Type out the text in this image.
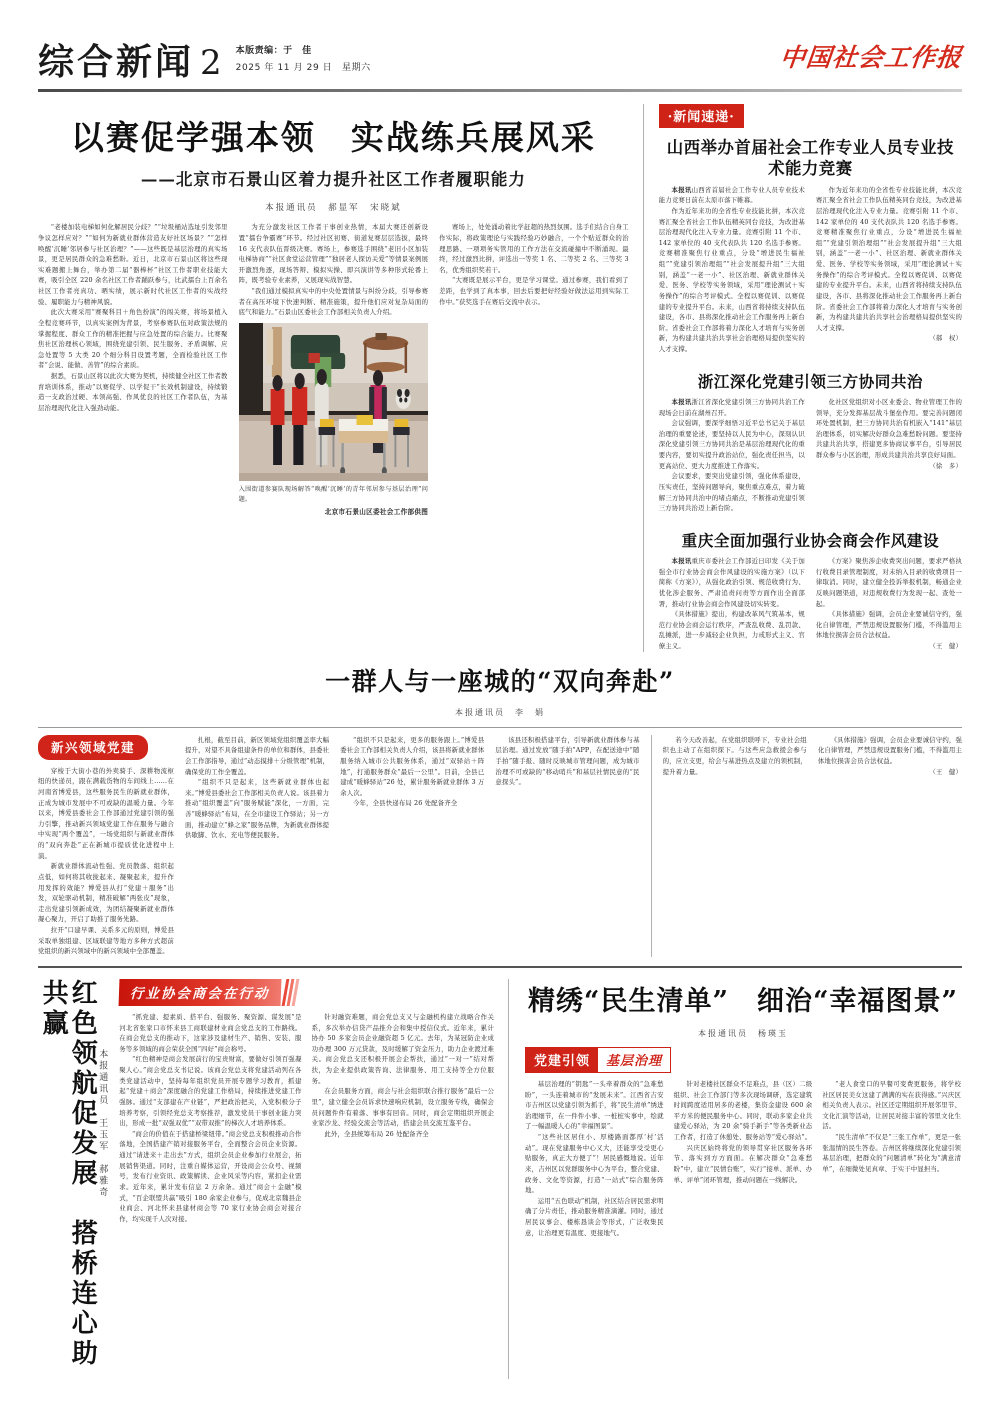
综合新闻 2 本版责编：于　佳
2025 年 11 月 29 日　星期六	中国社会工作报
以赛促学强本领　实战练兵展风采
——北京市石景山区着力提升社区工作者履职能力
本报通讯员　郝显军　宋晓斌

“老楼加装电梯如何化解居民分歧？”“垃圾桶站选址引发邻里争议怎样应对？”“如何为新就业群体营造友好社区场景？”“怎样唤醒‘沉睡’邻居参与社区治理？”——这些既是基层治理的真实场景，更是居民群众的急难愁盼。近日，北京市石景山区将这些现实难题搬上舞台，举办第二届“器棒杯”社区工作者职业技能大赛，吸引全区 220 余名社区工作者踊跃参与，比武擂台上百余名社区工作者亮真功、晒实绩，展示新时代社区工作者的实战经验、履职能力与精神风貌。

此次大赛采用“赛聚科目＋角色扮演”的闯关赛，将场景植入全程竞赛环节，以真实案例为背景，考察参赛队伍对政策法规的掌握程度、群众工作的精准把握与应急处置的综合能力。比赛聚焦社区治理核心领域，围绕党建引领、民生服务、矛盾调解、应急处置等 5 大类 20 个细分科目设置考题，全面检验社区工作者“会说、能做、善管”的综合素质。

据悉，石景山区将以此次大赛为契机，持续健全社区工作者教育培训体系，推动“以赛促学、以学促干”长效机制建设，持续锻造一支政治过硬、本领高强、作风优良的社区工作者队伍，为基层治理现代化注入强劲动能。

为充分激发社区工作者干事创业热情，本届大赛还创新设置“擂台争霸赛”环节。经过社区初赛、街道复赛层层选拔，最终 16 支代表队伍晋级决赛。赛场上，参赛选手围绕“老旧小区加装电梯协商”“社区食堂运营管理”“独居老人探访关爱”等情景案例展开激烈角逐，现场答辩、模拟实操、即兴演讲等多种形式轮番上阵，既考验专业素养，又展现实战智慧。

“我们通过模拟真实中的中央处置情景与纠纷分歧，引导参赛者在高压环境下快速判断、精准施策，提升他们应对复杂局面的底气和能力。”石景山区委社会工作部相关负责人介绍。

入围街道参赛队现场解答“唤醒‘沉睡’的青年邻居参与基层治理”问题。
北京市石景山区委社会工作部供图

赛场上，处处涌动着比学赶超的热烈氛围。选手们结合自身工作实际，将政策理论与实践经验巧妙融合，一个个贴近群众的治理思路、一项项务实管用的工作方法在交流碰撞中不断涌现。最终，经过激烈比拼，评选出一等奖 1 名、二等奖 2 名、三等奖 3 名，优秀组织奖若干。

“大赛既是展示平台，更是学习课堂。通过参赛，我们看到了差距，也学到了真本事，回去后要把好经验好做法运用到实际工作中。”获奖选手在赛后交流中表示。

·新闻速递·
山西举办首届社会工作专业人员专业技术能力竞赛

本报讯山西省首届社会工作专业人员专业技术能力竞赛日前在太原市落下帷幕。

作为近年来功的全省性专业技能比拼，本次竞赛汇聚全省社会工作队伍精英同台竞技，为改进基层治理现代化注入专业力量。竞赛引附 11 个市、142 家单位的 40 支代表队共 120 名选手参赛。竞赛精准聚焦行业重点，分设“增进民生福祉组”“党建引领治理组”“社会发展提升组”三大组别，涵盖“一老一小”、社区治理、新就业群体关爱、医务、学校等实务领域，采用“理论测试＋实务操作”的综合考评模式。全程以赛促训、以赛促建的专业提升平台。未来，山西省将持续支持队伍建设，各市、县将深化推动社会工作服务再上新台阶。省委社会工作部将着力深化人才培育与实务创新，为构建共建共治共享社会治理格局提供坚实的人才支撑。

作为近年来功的全省性专业技能比拼，本次竞赛汇聚全省社会工作队伍精英同台竞技，为改进基层治理现代化注入专业力量。竞赛引附 11 个市、142 家单位的 40 支代表队共 120 名选手参赛。竞赛精准聚焦行业重点，分设“增进民生福祉组”“党建引领治理组”“社会发展提升组”三大组别，涵盖“一老一小”、社区治理、新就业群体关爱、医务、学校等实务领域，采用“理论测试＋实务操作”的综合考评模式。全程以赛促训、以赛促建的专业提升平台。未来，山西省将持续支持队伍建设，各市、县将深化推动社会工作服务再上新台阶。省委社会工作部将着力深化人才培育与实务创新，为构建共建共治共享社会治理格局提供坚实的人才支撑。

（郝　权）

浙江深化党建引领三方协同共治

本报讯浙江省深化党建引领三方协同共治工作现场会日前在湖州召开。

会议强调，要深学细悟习近平总书记关于基层治理的重要论述，要坚持以人民为中心，深刻认识深化党建引领三方协同共治是基层治理现代化的重要内容，要切实提升政治站位，强化责任担当，以更高站位、更大力度推进工作落实。

会议要求，要突出党建引领，强化体系建设，压实责任，坚持问题导向，聚焦重点难点，着力破解三方协同共治中的堵点痛点，不断推动党建引领三方协同共治迈上新台阶。

化社区党组织对小区业委会、物业管理工作的领导，充分发挥基层战斗堡垒作用。要完善问题闭环处置机制，把三方协同共治有机嵌入“141”基层治理体系，切实解决好群众急难愁盼问题。要坚持共建共治共享，搭建更多协商议事平台，引导居民群众参与小区治理，形成共建共治共享良好局面。

（徐　多）

重庆全面加强行业协会商会作风建设

本报讯重庆市委社会工作部近日印发《关于加强全市行业协会商会作风建设的实施方案》（以下简称《方案》），从强化政治引领、规范收费行为、优化涉企服务、严肃追责问责等方面作出全面部署，推动行业协会商会作风建设切实转变。

《具体措施》提出，构建改革风气筑基本，规范行业协会商会运行秩序，严查乱收费、乱罚款、乱摊派，进一步减轻企业负担，力戒形式主义、官僚主义。

《方案》聚焦涉企收费突出问题，要求严格执行收费目录管理制度，对未纳入目录的收费项目一律取消。同时，建立健全投诉举报机制，畅通企业反映问题渠道，对违规收费行为发现一起、查处一起。

《具体措施》强调，会员企业要诚信守约，强化自律管理，严禁违规设置服务门槛，不得滥用主体地位损害会员合法权益。

（王　健）

一群人与一座城的“双向奔赴”
本报通讯员　李　娟
新兴领域党建

穿梭于大街小巷的外卖骑手、深耕物流枢纽的快递员，跟在满载货物的车间线上……在河南省博爱县，这些服务民生的新就业群体，正成为城市发展中不可或缺的温暖力量。今年以来，博爱县委社会工作部通过党建引领的强力引擎，推动新兴领域党建工作在服务与融合中实现“两个覆盖”，一场党组织与新就业群体的“双向奔赴”正在新城市提质优化进程中上演。

新就业群体流动性强、党员散落、组织起点低，如何将其收拢起来、凝聚起来，提升作用发挥的效能？博爱县从打“党建＋服务”出发，双轮驱动机制，精准破解“两张皮”现象，走出党建引领新成效，为团结凝聚新就业群体凝心聚力，开启了助推了服务先路。

拉开“口建早课、关系多元的原则，博爱县采取单独组建、区域联建等地方多种方式超前党组织的新兴领域中的新兴领域中全部覆盖。

扎根，截至目前，新区领域党组织覆盖率大幅提升，对望不具备组建条件的单位和群体，县委社会工作部指导，通过“动态摸排＋分级管理”机制，确保党的工作全覆盖。

“组织不只是起来，这些新就业群体也起来。”博爱县委社会工作部相关负责人说。该县着力推动“组织覆盖”向“服务赋能”深化，一方面，完善“暖蜂驿站”布局，在全市建设工作驿站；另一方面，推动建立“蜂之家”服务品牌，为新就业群体提供歇脚、饮水、充电等便民服务。

“组织不只是起来，更多的服务跟上。”博爱县委社会工作部相关负责人介绍，该县将新就业群体服务纳入城市公共服务体系，通过“双驿站＋阵地”，打通服务群众“最后一公里”。目前，全县已建成“暖蜂驿站”26 处，累计服务新就业群体 3 万余人次。

今年，全县快递布局 26 处配备齐全

该县还积极搭建平台，引导新就业群体参与基层治理。通过发放“随手拍”APP，在配送途中“随手拍”随手报、随时反映城市管理问题，成为城市治理不可或缺的“移动哨兵”和基层社情民意的“民意探头”。

若今天改善起，在党组织联呼下，专业社会组织也主动了在组织探下。与这些应急救援会参与的，应立支更，给会与基进热点及建立的领机制，提升着力量。

《具体措施》强调，会员企业要诚信守约，强化自律管理，严禁违规设置服务门槛，不得滥用主体地位损害会员合法权益。

（王　健）

红色领航促发展　搭桥连心助共赢
本报通讯员　王玉军　郝雅奇
行业协会商会在行动

“抓党建、提素质、搭平台、强服务、聚资源、谋发展”是河北省张家口市怀来县工商联建材业商会党总支的工作路线。在商会党总支的推动下，这家涉及建材生产、销售、安装、服务等多领域的商会荣获全国“四好”商会称号。

“红色精神是商会发展前行的宝贵财富，要做好引领百强凝聚人心。”商会党总支书记说。该商会党总支将党建活动列在各类党建活动中，坚持每年组织党员开展专题学习教育，抓建起“党建＋商会”深度融合的党建工作格局，持续推进党建工作强脉。通过“支部建在产业链”，严把政治把关，入党积极分子培养考察，引领经党总支考察推荐，激发党员干事创业能力突出，形成一批“双强双优”“双带双推”的梯次人才培养体系。

“商会的价值在于搭建桥梁纽带。”商会党总支积极推动合作落地，全国搭建产销对接服务平台，全面整合会员企业资源。通过“请进来＋走出去”方式，组织会员企业参加行业展会，拓展销售渠道。同时，注重自媒体运营，开设商会公众号、视频号，发布行业资讯、政策解读、企业风采等内容，紧扣企业需求。近年来，累计发布信息 2 万余条。通过“商会＋金融”模式，“百企联盟共赢”吸引 180 余家企业参与，促成北京魏县企业商会、河北怀来县建材商会等 70 家行业协会商会对接合作，均实现千人次对接。

针对融资难题，商会党总支又与金融机构建立战略合作关系，多次举办信贷产品推介会和集中授信仪式。近年来，累计协办 50 多家会员企业融资超 5 亿元。去年，为某冠防企业成功办理 300 万元贷款，及时缓解了资金压力，助力企业渡过难关。商会党总支还积极开展会企帮扶，通过“一对一”结对帮扶，为企业提供政策咨询、法律服务、用工支持等全方位服务。

在会员服务方面，商会与社会组织联合推行服务“最后一公里”，建立健全会员诉求快速响应机制，设立服务专线，确保会员问题件件有着落、事事有回音。同时，商会定期组织开展企业家沙龙、经验交流会等活动，搭建会员交流互鉴平台。

此外，全县统筹布局 26 处配备齐全

精绣“民生清单”　细治“幸福图景”
本报通讯员　杨瑛玉
党建引领	基层治理

基层治理的“钥匙”一头牵着群众的“急难愁盼”，一头连着城市的“发展未来”。江西省吉安市吉州区以党建引领为抓手，将“民生清单”绣进治理细节，在一件件小事、一桩桩实事中，绘就了一幅温暖人心的“幸福图景”。

“这些社区居住小、厚楼路面都厚‘村’活动”。现在党建服务中心又大，还能享受受更心贴服务，真正大方便了”！居民感慨地说。近年来，吉州区以党群服务中心为平台，整合党建、政务、文化等资源，打造“一站式”综合服务阵地。

运用“五色联动”机制，社区结合居民需求明确了分片责任，推动服务精准滴灌。同时，通过居民议事会、楼栋恳谈会等形式，广泛收集民意，让治理更有温度、更接地气。

针对老楼社区群众不足难点，县（区）二级组织、社会工作部门等多次现场调研，选定建筑时间跨度适用居多的老楼，集资金建设 600 余平方米的便民服务中心。同时，联动多家企业共建爱心驿站，为 20 余“骑手新手”等各类新业态工作者，打造了休憩处、服务站等“爱心驿站”。

兴庆区始终将党的领导贯穿社区服务各环节、落实到方方面面。在解决群众“急难愁盼”中，建立“民情台账”，实行“接单、派单、办单、评单”闭环管理，推动问题在一线解决。

“老人食堂口的早餐可变费更服务，将学校社区居民美女这建了满满的实在获得感。”兴庆区相关负责人表示。社区还定期组织开展邻里节、文化汇演等活动，让居民对接丰富的邻里文化生活。

“民生清单”不仅是“三张工作单”，更是一张张温情的民生答卷。吉州区将继续深化党建引领基层治理，把群众的“问题清单”转化为“满意清单”，在细微处见真章、于实干中显担当。
